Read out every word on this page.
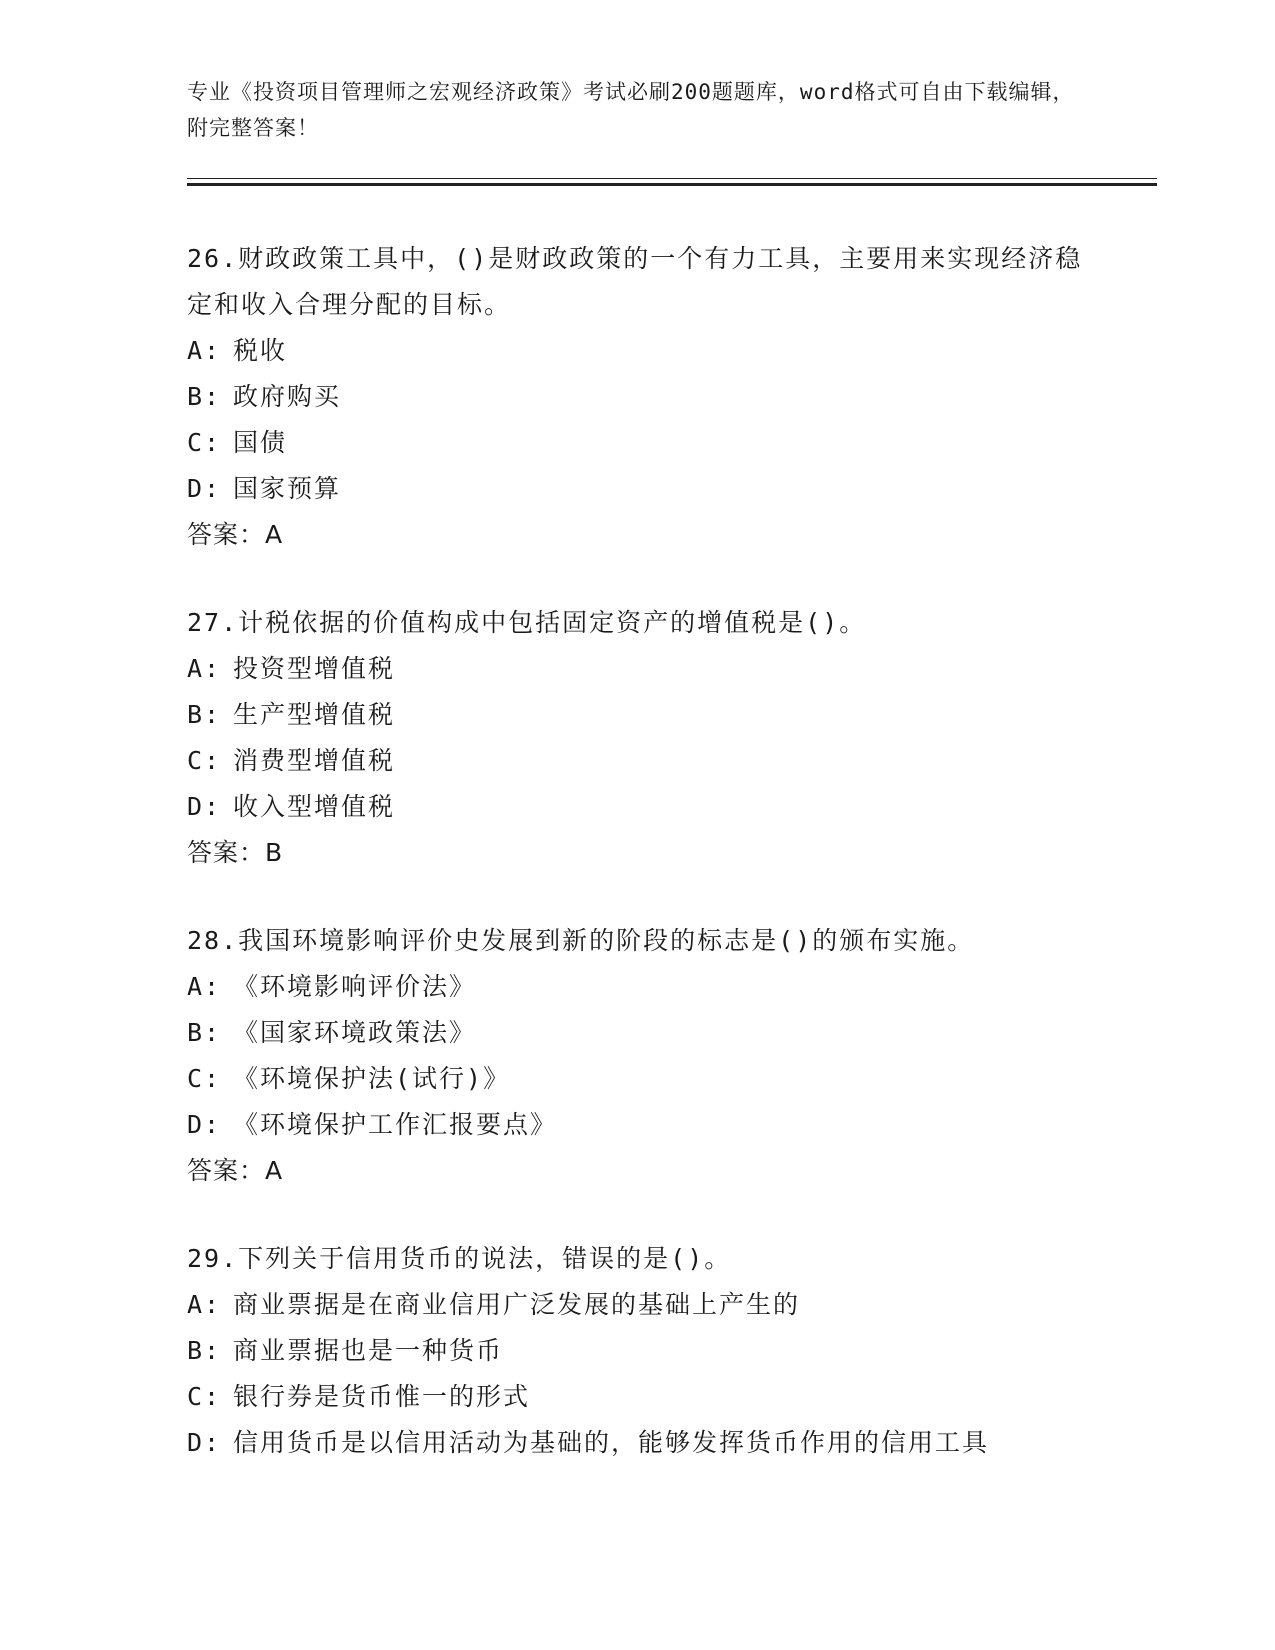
专业《投资项目管理师之宏观经济政策》考试必刷200题题库，word格式可自由下载编辑，附完整答案！
26.财政政策工具中，()是财政政策的一个有力工具，主要用来实现经济稳定和收入合理分配的目标。
A: 税收
B: 政府购买
C: 国债
D: 国家预算
答案：A
27.计税依据的价值构成中包括固定资产的增值税是()。
A: 投资型增值税
B: 生产型增值税
C: 消费型增值税
D: 收入型增值税
答案：B
28.我国环境影响评价史发展到新的阶段的标志是()的颁布实施。
A: 《环境影响评价法》
B: 《国家环境政策法》
C: 《环境保护法(试行)》
D: 《环境保护工作汇报要点》
答案：A
29.下列关于信用货币的说法，错误的是()。
A: 商业票据是在商业信用广泛发展的基础上产生的
B: 商业票据也是一种货币
C: 银行券是货币惟一的形式
D: 信用货币是以信用活动为基础的，能够发挥货币作用的信用工具
